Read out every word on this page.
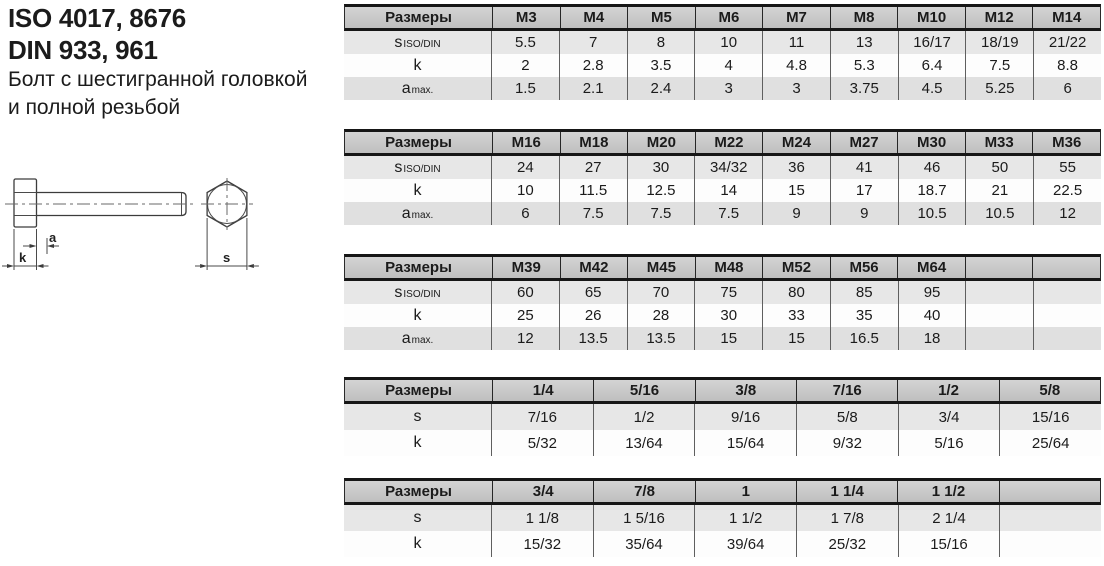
ISO 4017, 8676
DIN 933, 961
Болт с шестигранной головкой
и полной резьбой
a
k	s
Размеры	M3	M4	M5	M6	M7	M8	M10	M12	M14
s ISO/DIN	5.5	7	8	10	11	13	16/17	18/19	21/22
k	2	2.8	3.5	4	4.8	5.3	6.4	7.5	8.8
a max.	1.5	2.1	2.4	3	3	3.75	4.5	5.25	6
Размеры	M16	M18	M20	M22	M24	M27	M30	M33	M36
s ISO/DIN	24	27	30	34/32	36	41	46	50	55
k	10	11.5	12.5	14	15	17	18.7	21	22.5
a max.	6	7.5	7.5	7.5	9	9	10.5	10.5	12
Размеры	M39	M42	M45	M48	M52	M56	M64
s ISO/DIN	60	65	70	75	80	85	95
k	25	26	28	30	33	35	40
a max.	12	13.5	13.5	15	15	16.5	18
Размеры	1/4	5/16	3/8	7/16	1/2	5/8
s	7/16	1/2	9/16	5/8	3/4	15/16
k	5/32	13/64	15/64	9/32	5/16	25/64
Размеры	3/4	7/8	1	1 1/4	1 1/2
s	1 1/8	1 5/16	1 1/2	1 7/8	2 1/4
k	15/32	35/64	39/64	25/32	15/16
